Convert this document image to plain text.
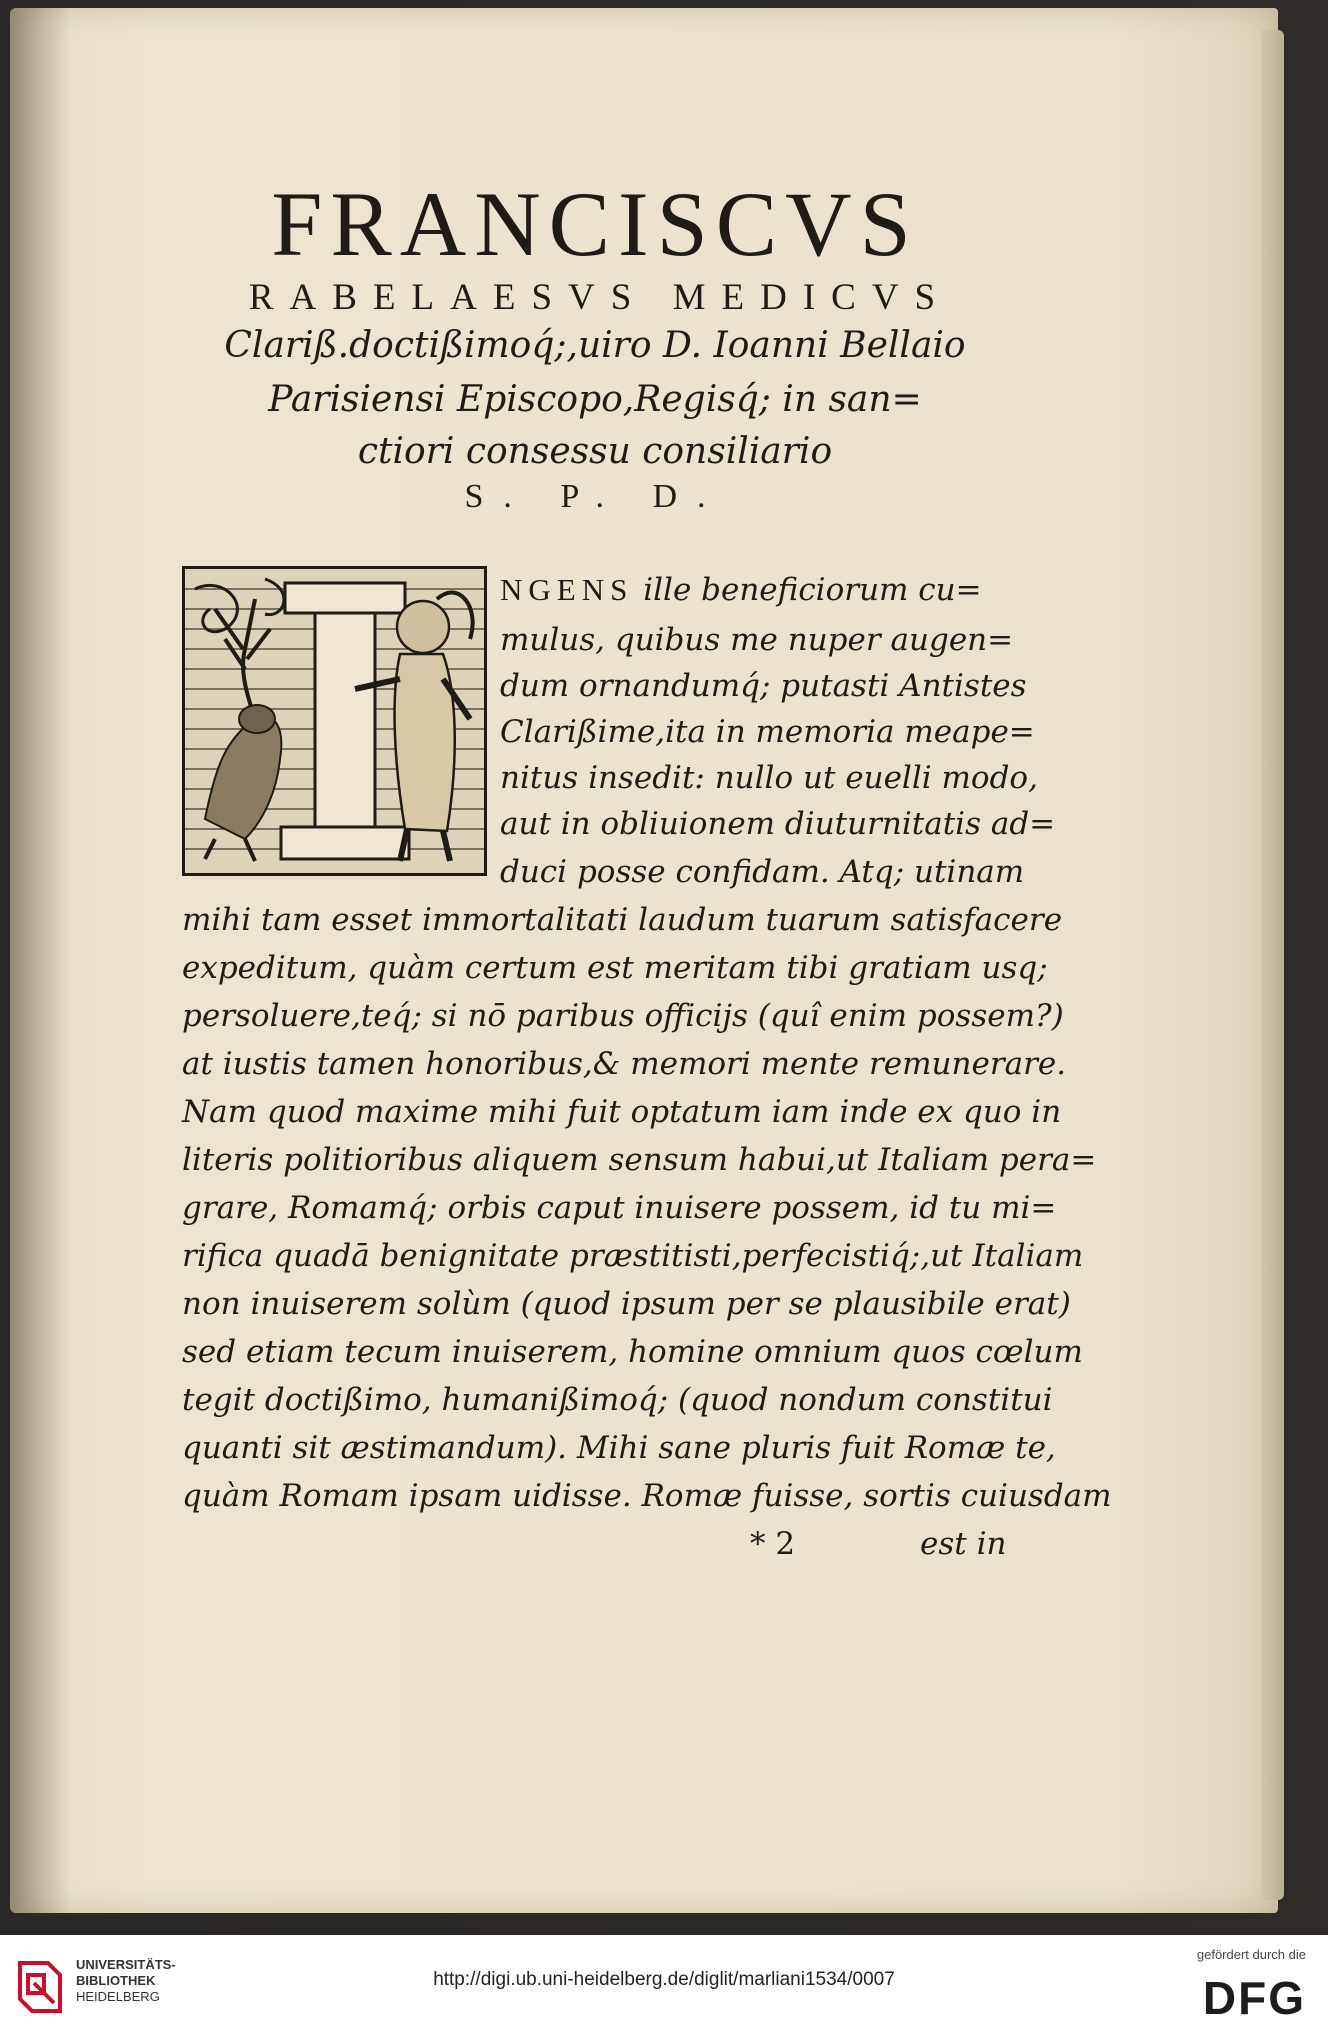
FRANCISCVS
RABELAESVS MEDICVS
Clariß.doctißimoq́;,uiro D. Ioanni Bellaio
Parisiensi Episcopo,Regisq́; in san=
ctiori consessu consiliario
S. P. D.
NGENS ille beneficiorum cu=
mulus, quibus me nuper augen=
dum ornandumq́; putasti Antistes
Clarißime,ita in memoria meape=
nitus insedit: nullo ut euelli modo,
aut in obliuionem diuturnitatis ad=
duci posse confidam. Atq; utinam
mihi tam esset immortalitati laudum tuarum satisfacere
expeditum, quàm certum est meritam tibi gratiam usq;
persoluere,teq́; si nō paribus officijs (quî enim possem?)
at iustis tamen honoribus,& memori mente remunerare.
Nam quod maxime mihi fuit optatum iam inde ex quo in
literis politioribus aliquem sensum habui,ut Italiam pera=
grare, Romamq́; orbis caput inuisere possem, id tu mi=
rifica quadā benignitate præstitisti,perfecistiq́;,ut Italiam
non inuiserem solùm (quod ipsum per se plausibile erat)
sed etiam tecum inuiserem, homine omnium quos cœlum
tegit doctißimo, humanißimoq́; (quod nondum constitui
quanti sit æstimandum). Mihi sane pluris fuit Romæ te,
quàm Romam ipsam uidisse. Romæ fuisse, sortis cuiusdam
* 2	est in
UNIVERSITÄTS-
BIBLIOTHEK
HEIDELBERG
http://digi.ub.uni-heidelberg.de/diglit/marliani1534/0007
gefördert durch die
DFG
